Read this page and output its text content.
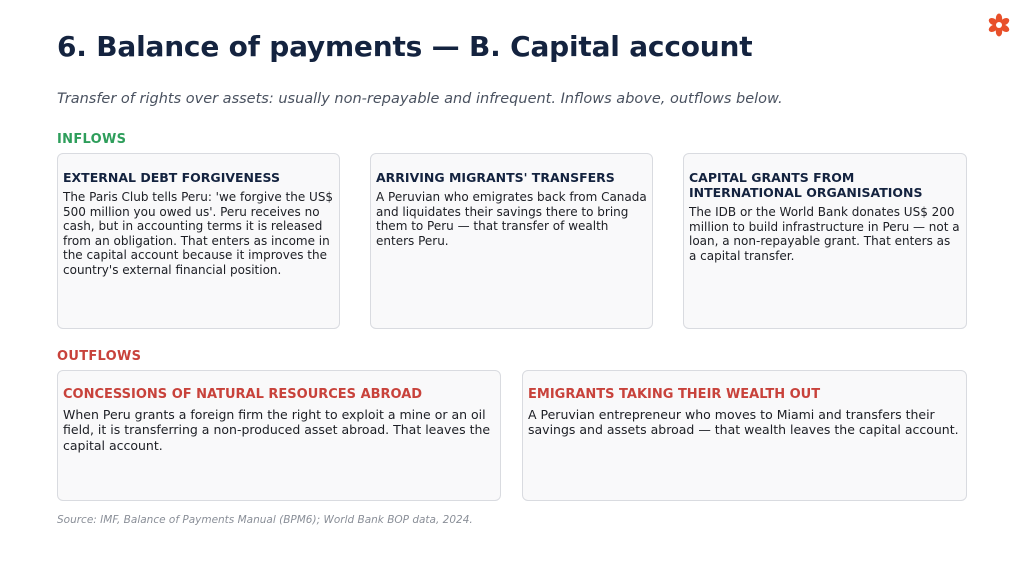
6. Balance of payments — B. Capital account
Transfer of rights over assets: usually non-repayable and infrequent. Inflows above, outflows below.
INFLOWS
EXTERNAL DEBT FORGIVENESS
The Paris Club tells Peru: 'we forgive the US$ 500 million you owed us'. Peru receives no cash, but in accounting terms it is released from an obligation. That enters as income in the capital account because it improves the country's external financial position.
ARRIVING MIGRANTS' TRANSFERS
A Peruvian who emigrates back from Canada and liquidates their savings there to bring them to Peru — that transfer of wealth enters Peru.
CAPITAL GRANTS FROM INTERNATIONAL ORGANISATIONS
The IDB or the World Bank donates US$ 200 million to build infrastructure in Peru — not a loan, a non-repayable grant. That enters as a capital transfer.
OUTFLOWS
CONCESSIONS OF NATURAL RESOURCES ABROAD
When Peru grants a foreign firm the right to exploit a mine or an oil field, it is transferring a non-produced asset abroad. That leaves the capital account.
EMIGRANTS TAKING THEIR WEALTH OUT
A Peruvian entrepreneur who moves to Miami and transfers their savings and assets abroad — that wealth leaves the capital account.
Source: IMF, Balance of Payments Manual (BPM6); World Bank BOP data, 2024.
